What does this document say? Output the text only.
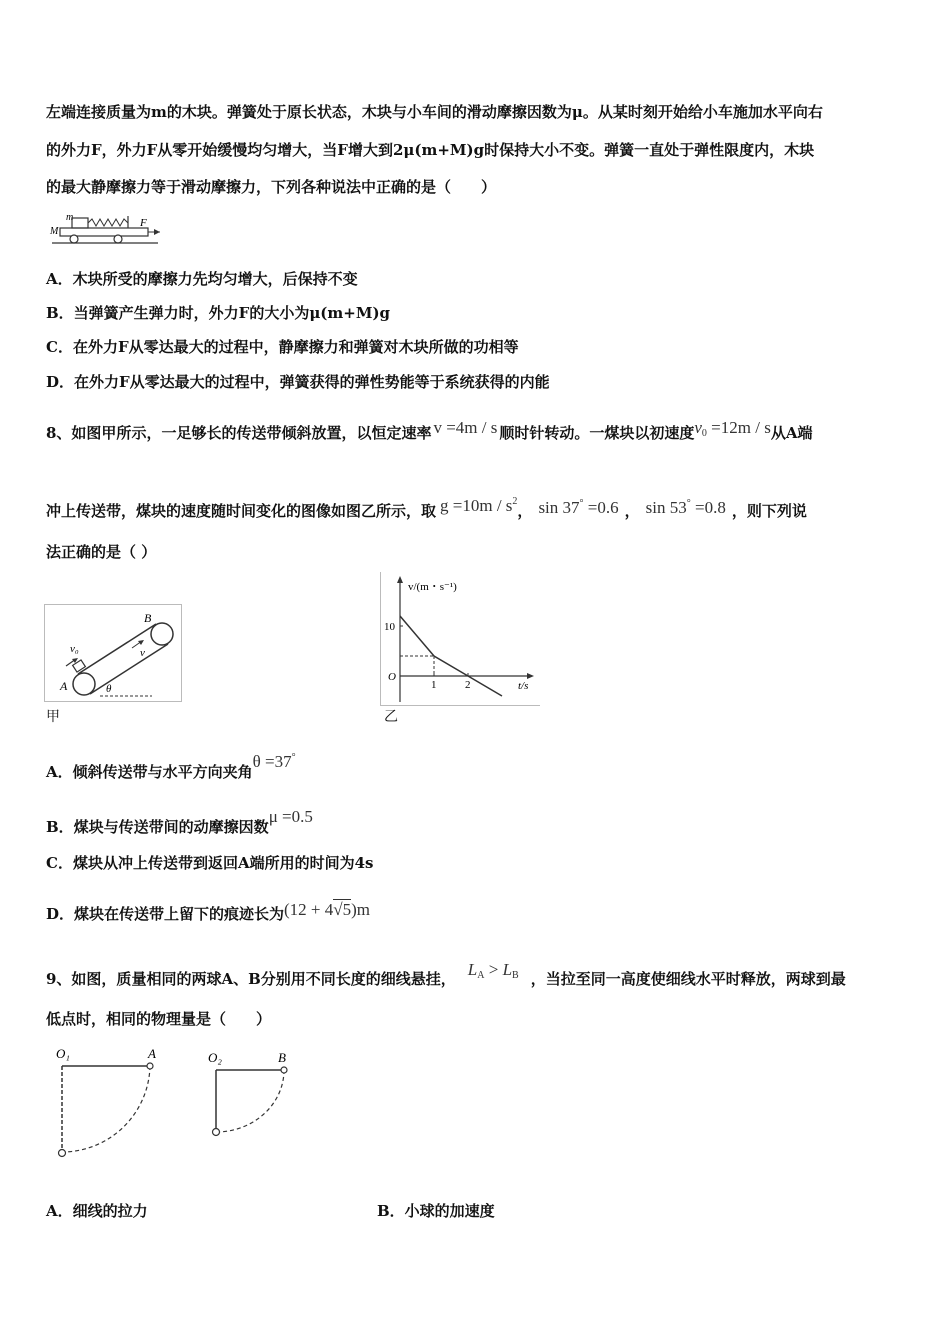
左端连接质量为m的木块。弹簧处于原长状态，木块与小车间的滑动摩擦因数为μ。从某时刻开始给小车施加水平向右
的外力F，外力F从零开始缓慢均匀增大，当F增大到2μ(m+M)g时保持大小不变。弹簧一直处于弹性限度内，木块
的最大静摩擦力等于滑动摩擦力，下列各种说法中正确的是（　　）
m
M
F
A．木块所受的摩擦力先均匀增大，后保持不变
B．当弹簧产生弹力时，外力F的大小为μ(m+M)g
C．在外力F从零达最大的过程中，静摩擦力和弹簧对木块所做的功相等
D．在外力F从零达最大的过程中，弹簧获得的弹性势能等于系统获得的内能
8、如图甲所示，一足够长的传送带倾斜放置，以恒定速率 v =4m / s 顺时针转动。一煤块以初速度$v_0 =12m / s$从A端
冲上传送带，煤块的速度随时间变化的图像如图乙所示，取 $g =10m / s^2$， sin 37° =0.6 ， sin 53° =0.8 ，则下列说
法正确的是（ ）
B
A
v₀	v
θ
甲
v/(m・s⁻¹)
t/s
O
10
1	2
乙
A．倾斜传送带与水平方向夹角θ =37°
B．煤块与传送带间的动摩擦因数μ =0.5
C．煤块从冲上传送带到返回A端所用的时间为4s
D．煤块在传送带上留下的痕迹长为(12 + 4√5)m
9、如图，质量相同的两球A、B分别用不同长度的细线悬挂， $L_A > L_B$ ，当拉至同一高度使细线水平时释放，两球到最
低点时，相同的物理量是（　　）
O₁	A	O₂	B
A．细线的拉力	B．小球的加速度
